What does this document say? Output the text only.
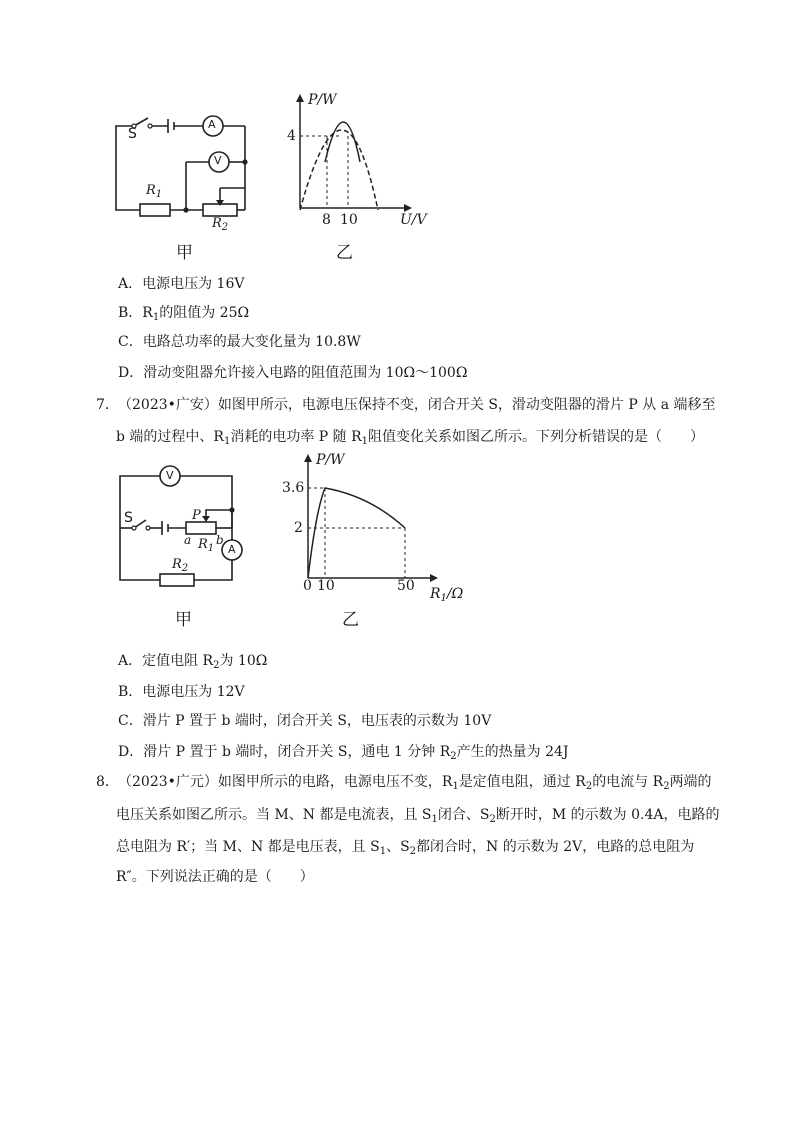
S
A
V
$R_1$
$R_2$
甲
P/W
4
8 10	U/V
乙
A．电源电压为 16V
B．$R_1$的阻值为 25Ω
C．电路总功率的最大变化量为 10.8W
D．滑动变阻器允许接入电路的阻值范围为 10Ω～100Ω
7． （2023•广安）如图甲所示，电源电压保持不变，闭合开关 S，滑动变阻器的滑片 P 从 a 端移至
b 端的过程中、$R_1$消耗的电功率 P 随 $R_1$阻值变化关系如图乙所示。下列分析错误的是（　　）
V
A
S	P
a b
$R_1$
$R_2$
甲
P/W
3.6
2
0 10	50 $R_1/\Omega$
乙
A．定值电阻 $R_2$为 10Ω
B．电源电压为 12V
C．滑片 P 置于 b 端时，闭合开关 S，电压表的示数为 10V
D．滑片 P 置于 b 端时，闭合开关 S，通电 1 分钟 $R_2$产生的热量为 24J
8． （2023•广元）如图甲所示的电路，电源电压不变，$R_1$是定值电阻，通过 $R_2$的电流与 $R_2$两端的
电压关系如图乙所示。当 M、N 都是电流表，且 $S_1$闭合、$S_2$断开时，M 的示数为 0.4A，电路的
总电阻为 R′；当 M、N 都是电压表，且 $S_1$、$S_2$都闭合时，N 的示数为 2V，电路的总电阻为
R″。下列说法正确的是（　　）
